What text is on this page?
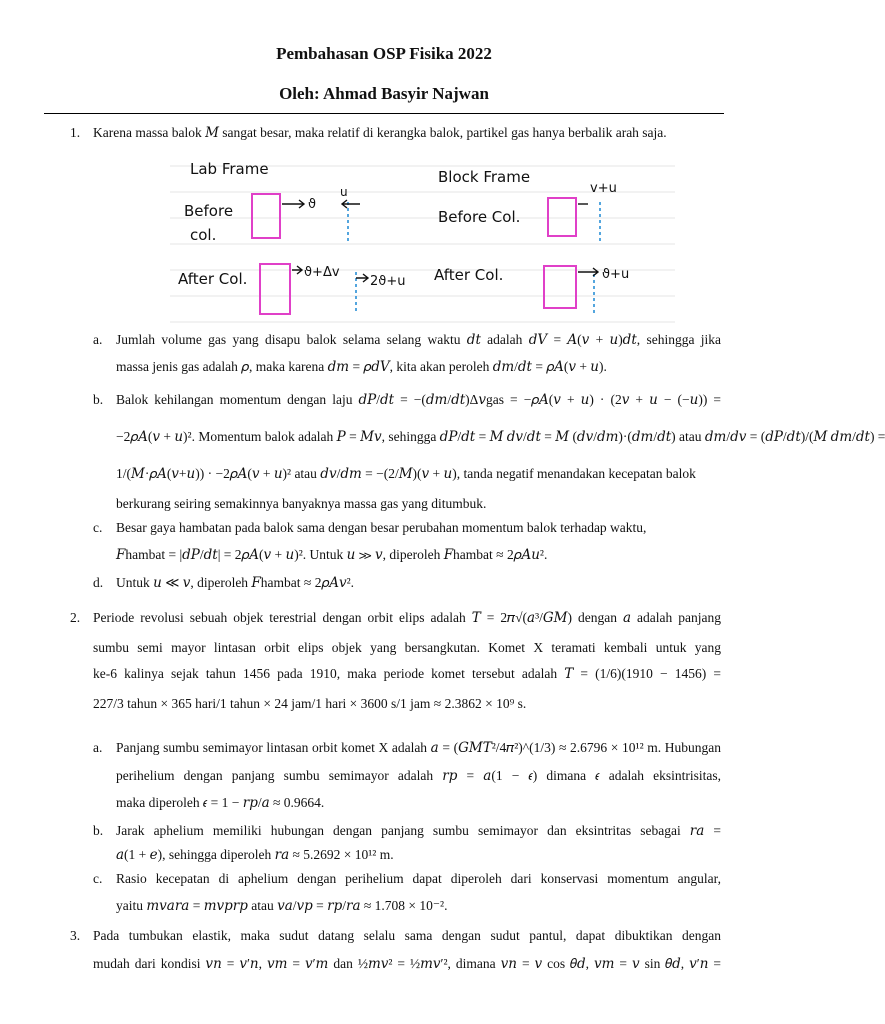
Pembahasan OSP Fisika 2022
Oleh: Ahmad Basyir Najwan
1. Karena massa balok 𝑀 sangat besar, maka relatif di kerangka balok, partikel gas hanya berbalik arah saja.
Lab Frame	Block Frame
Before
col.
Before Col.
After Col.	After Col.
ϑ
u	v+u
ϑ+Δv
2ϑ+u	ϑ+u
a. Jumlah volume gas yang disapu balok selama selang waktu 𝑑𝑡 adalah 𝑑𝑉 = 𝐴(𝑣 + 𝑢)𝑑𝑡, sehingga jika
massa jenis gas adalah 𝜌, maka karena 𝑑𝑚 = 𝜌𝑑𝑉, kita akan peroleh 𝑑𝑚/𝑑𝑡 = 𝜌𝐴(𝑣 + 𝑢).
b. Balok kehilangan momentum dengan laju 𝑑𝑃/𝑑𝑡 = −(𝑑𝑚/𝑑𝑡)Δ𝑣gas = −𝜌𝐴(𝑣 + 𝑢) · (2𝑣 + 𝑢 − (−𝑢)) =
−2𝜌𝐴(𝑣 + 𝑢)². Momentum balok adalah 𝑃 = 𝑀𝑣, sehingga 𝑑𝑃/𝑑𝑡 = 𝑀 𝑑𝑣/𝑑𝑡 = 𝑀 (𝑑𝑣/𝑑𝑚)·(𝑑𝑚/𝑑𝑡) atau 𝑑𝑚/𝑑𝑣 = (𝑑𝑃/𝑑𝑡)/(𝑀 𝑑𝑚/𝑑𝑡) =
1/(𝑀·𝜌𝐴(𝑣+𝑢)) · −2𝜌𝐴(𝑣 + 𝑢)² atau 𝑑𝑣/𝑑𝑚 = −(2/𝑀)(𝑣 + 𝑢), tanda negatif menandakan kecepatan balok
berkurang seiring semakinnya banyaknya massa gas yang ditumbuk.
c. Besar gaya hambatan pada balok sama dengan besar perubahan momentum balok terhadap waktu,
𝐹hambat = |𝑑𝑃/𝑑𝑡| = 2𝜌𝐴(𝑣 + 𝑢)². Untuk 𝑢 ≫ 𝑣, diperoleh 𝐹hambat ≈ 2𝜌𝐴𝑢².
d. Untuk 𝑢 ≪ 𝑣, diperoleh 𝐹hambat ≈ 2𝜌𝐴𝑣².
2. Periode revolusi sebuah objek terestrial dengan orbit elips adalah 𝑇 = 2𝜋√(𝑎³/𝐺𝑀) dengan 𝑎 adalah panjang
sumbu semi mayor lintasan orbit elips objek yang bersangkutan. Komet X teramati kembali untuk yang
ke-6 kalinya sejak tahun 1456 pada 1910, maka periode komet tersebut adalah 𝑇 = (1/6)(1910 − 1456) =
227/3 tahun × 365 hari/1 tahun × 24 jam/1 hari × 3600 s/1 jam ≈ 2.3862 × 10⁹ s.
a. Panjang sumbu semimayor lintasan orbit komet X adalah 𝑎 = (𝐺𝑀𝑇²/4𝜋²)^(1/3) ≈ 2.6796 × 10¹² m. Hubungan
perihelium dengan panjang sumbu semimayor adalah 𝑟𝑝 = 𝑎(1 − 𝜖) dimana 𝜖 adalah eksintrisitas,
maka diperoleh 𝜖 = 1 − 𝑟𝑝/𝑎 ≈ 0.9664.
b. Jarak aphelium memiliki hubungan dengan panjang sumbu semimayor dan eksintritas sebagai 𝑟𝑎 =
𝑎(1 + 𝑒), sehingga diperoleh 𝑟𝑎 ≈ 5.2692 × 10¹² m.
c. Rasio kecepatan di aphelium dengan perihelium dapat diperoleh dari konservasi momentum angular,
yaitu 𝑚𝑣𝑎𝑟𝑎 = 𝑚𝑣𝑝𝑟𝑝 atau 𝑣𝑎/𝑣𝑝 = 𝑟𝑝/𝑟𝑎 ≈ 1.708 × 10⁻².
3. Pada tumbukan elastik, maka sudut datang selalu sama dengan sudut pantul, dapat dibuktikan dengan
mudah dari kondisi 𝑣𝑛 = 𝑣′𝑛, 𝑣𝑚 = 𝑣′𝑚 dan ½𝑚𝑣² = ½𝑚𝑣′², dimana 𝑣𝑛 = 𝑣 cos 𝜃𝑑, 𝑣𝑚 = 𝑣 sin 𝜃𝑑, 𝑣′𝑛 =
